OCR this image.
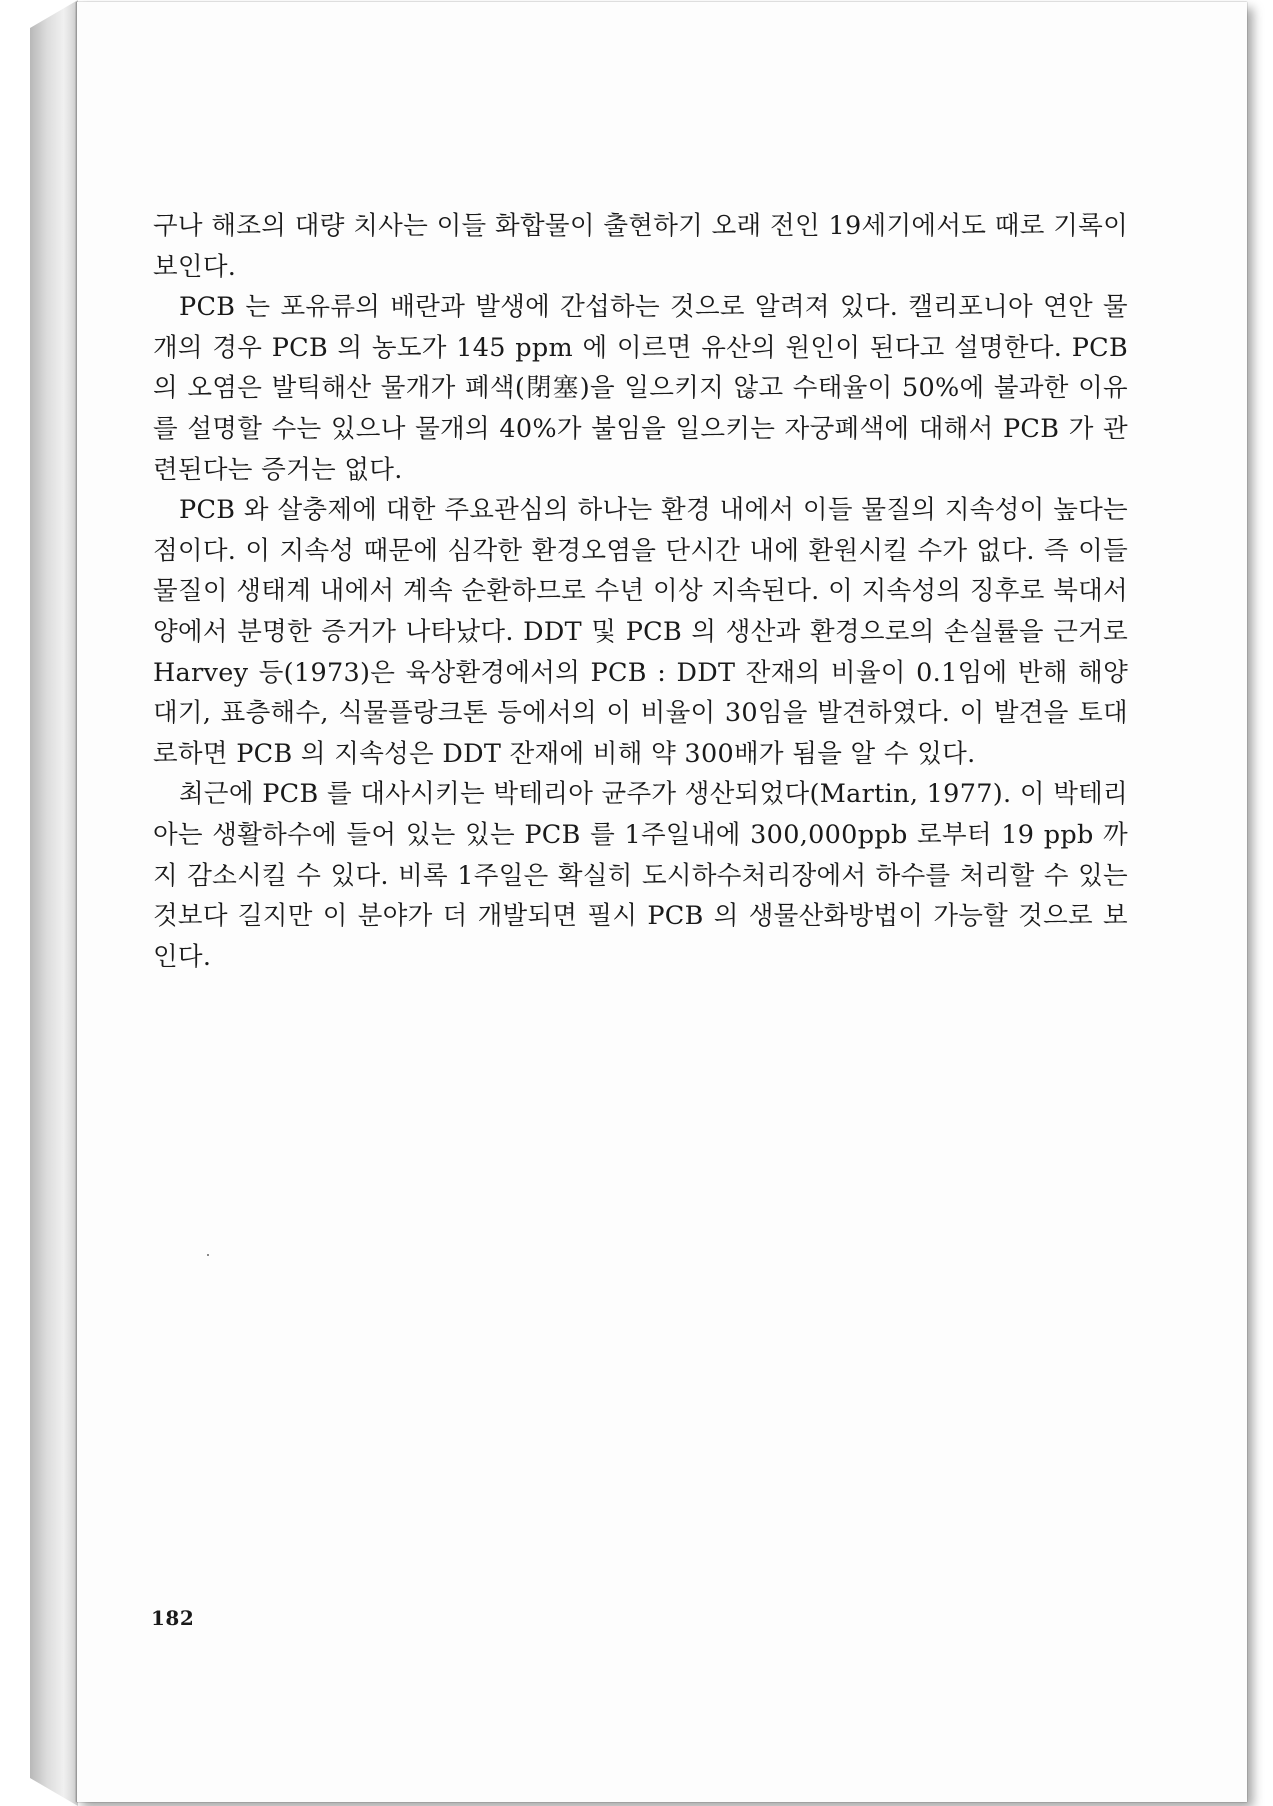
구나 해조의 대량 치사는 이들 화합물이 출현하기 오래 전인 19세기에서도 때로 기록이 보인다.

PCB 는 포유류의 배란과 발생에 간섭하는 것으로 알려져 있다. 캘리포니아 연안 물개의 경우 PCB 의 농도가 145 ppm 에 이르면 유산의 원인이 된다고 설명한다. PCB 의 오염은 발틱해산 물개가 폐색(閉塞)을 일으키지 않고 수태율이 50%에 불과한 이유를 설명할 수는 있으나 물개의 40%가 불임을 일으키는 자궁폐색에 대해서 PCB 가 관련된다는 증거는 없다.

PCB 와 살충제에 대한 주요관심의 하나는 환경 내에서 이들 물질의 지속성이 높다는 점이다. 이 지속성 때문에 심각한 환경오염을 단시간 내에 환원시킬 수가 없다. 즉 이들 물질이 생태계 내에서 계속 순환하므로 수년 이상 지속된다. 이 지속성의 징후로 북대서양에서 분명한 증거가 나타났다. DDT 및 PCB 의 생산과 환경으로의 손실률을 근거로 Harvey 등(1973)은 육상환경에서의 PCB : DDT 잔재의 비율이 0.1임에 반해 해양 대기, 표층해수, 식물플랑크톤 등에서의 이 비율이 30임을 발견하였다. 이 발견을 토대로하면 PCB 의 지속성은 DDT 잔재에 비해 약 300배가 됨을 알 수 있다.

최근에 PCB 를 대사시키는 박테리아 균주가 생산되었다(Martin, 1977). 이 박테리아는 생활하수에 들어 있는 있는 PCB 를 1주일내에 300,000ppb 로부터 19 ppb 까지 감소시킬 수 있다. 비록 1주일은 확실히 도시하수처리장에서 하수를 처리할 수 있는 것보다 길지만 이 분야가 더 개발되면 필시 PCB 의 생물산화방법이 가능할 것으로 보인다.

182
